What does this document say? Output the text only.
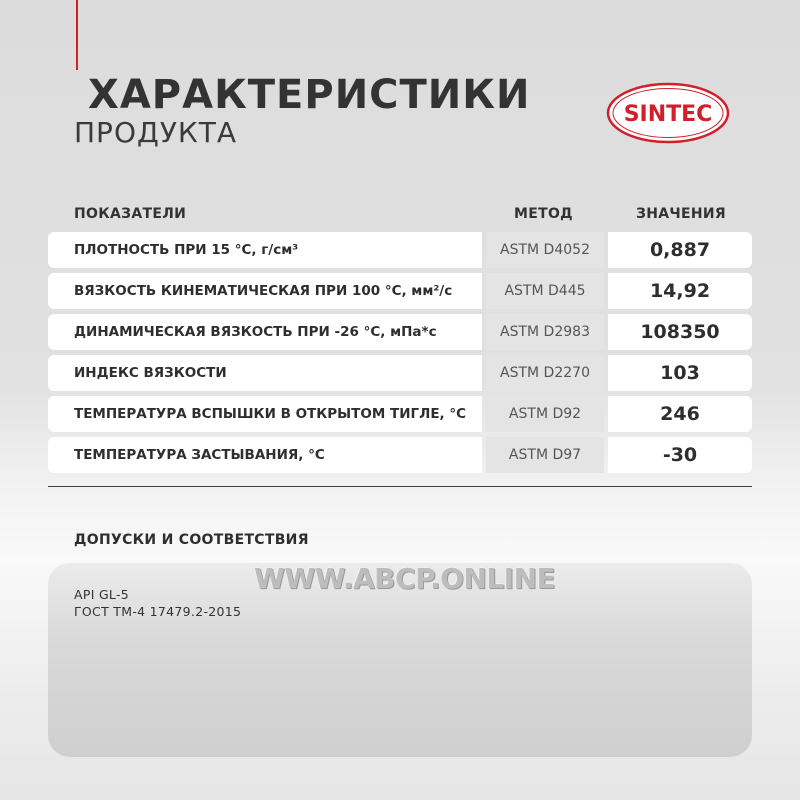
ХАРАКТЕРИСТИКИ
ПРОДУКТА
SINTEC
ПОКАЗАТЕЛИ	МЕТОД	ЗНАЧЕНИЯ
ПЛОТНОСТЬ ПРИ 15 °С, г/см³	ASTM D4052	0,887
ВЯЗКОСТЬ КИНЕМАТИЧЕСКАЯ ПРИ 100 °С, мм²/с	ASTM D445	14,92
ДИНАМИЧЕСКАЯ ВЯЗКОСТЬ ПРИ -26 °С, мПа*с	ASTM D2983	108350
ИНДЕКС ВЯЗКОСТИ	ASTM D2270	103
ТЕМПЕРАТУРА ВСПЫШКИ В ОТКРЫТОМ ТИГЛЕ, °С	ASTM D92	246
ТЕМПЕРАТУРА ЗАСТЫВАНИЯ, °С	ASTM D97	-30
ДОПУСКИ И СООТВЕТСТВИЯ
API GL-5
ГОСТ ТМ-4 17479.2-2015
WWW.ABCP.ONLINE
